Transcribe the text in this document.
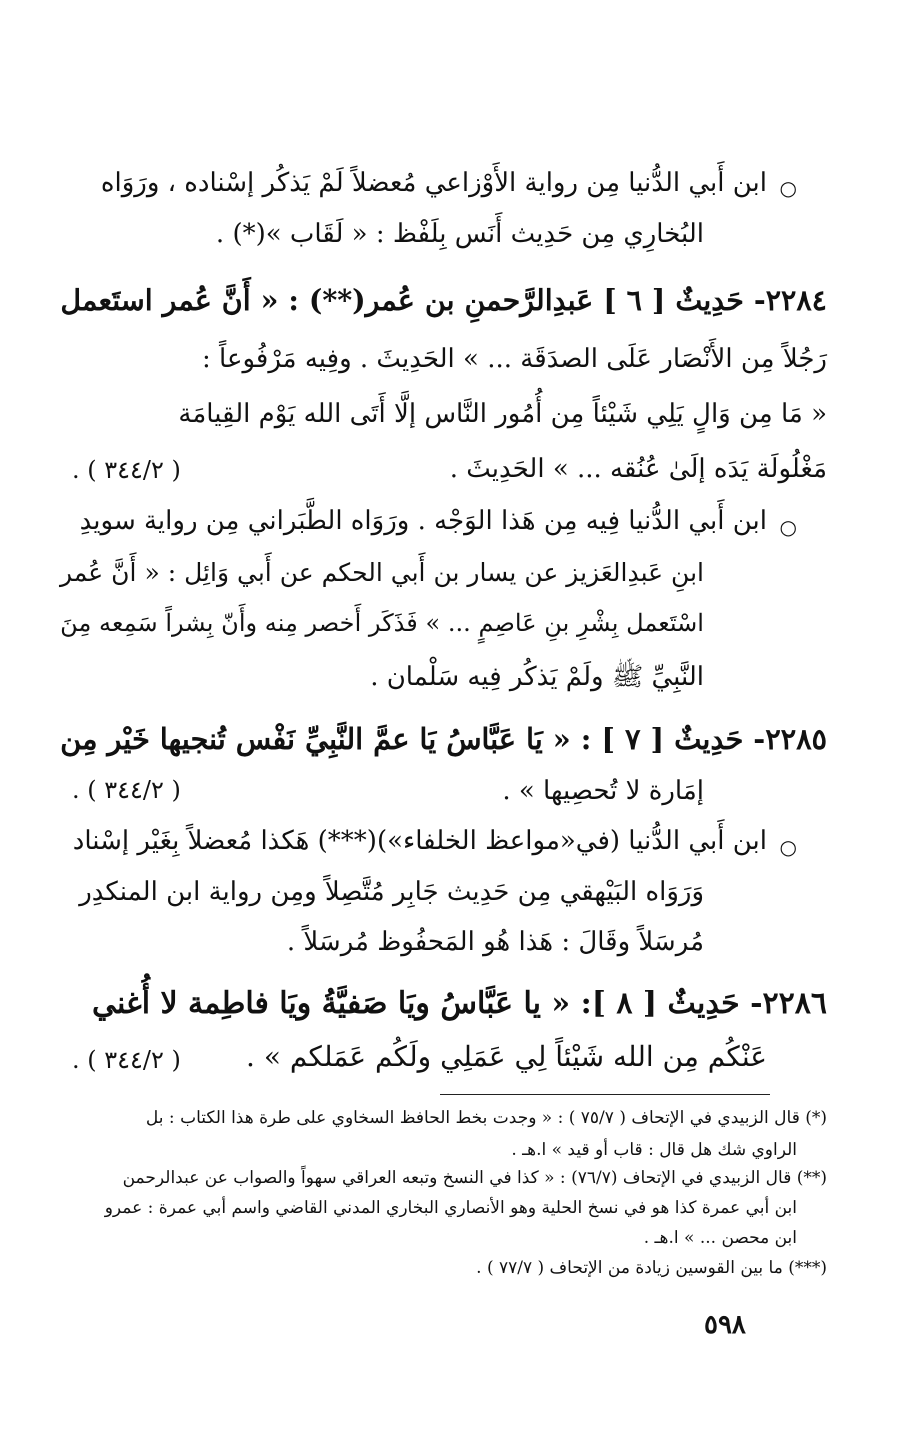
○
ابن أَبي الدُّنيا مِن رواية الأَوْزاعي مُعضلاً لَمْ يَذكُر إسْناده ، ورَوَاه
البُخارِي مِن حَدِيث أَنَس بِلَفْظ : « لَقَاب »(*) .
٢٢٨٤- حَدِيثٌ [ ٦ ] عَبدِالرَّحمنِ بن عُمر(**) : « أَنَّ عُمر استَعمل
رَجُلاً مِن الأَنْصَار عَلَى الصدَقَة ... » الحَدِيثَ . وفِيه مَرْفُوعاً :
« مَا مِن وَالٍ يَلِي شَيْئاً مِن أُمُور النَّاس إلَّا أَتَى الله يَوْم القِيامَة
مَغْلُولَة يَدَه إلَىٰ عُنُقه ... » الحَدِيثَ .
( ٣٤٤/٢ ) .
○
ابن أَبي الدُّنيا فِيه مِن هَذا الوَجْه . ورَوَاه الطَّبَراني مِن رواية سويدِ
ابنِ عَبدِالعَزيز عن يسار بن أَبي الحكم عن أَبي وَائِل : « أَنَّ عُمر
اسْتَعمل بِشْرِ بنِ عَاصِمٍ ... » فَذَكَر أَخصر مِنه وأَنّ بِشراً سَمِعه مِنَ
النَّبِيِّ ﷺ ولَمْ يَذكُر فِيه سَلْمان .
٢٢٨٥- حَدِيثٌ [ ٧ ] : « يَا عَبَّاسُ يَا عمَّ النَّبِيِّ نَفْس تُنجيها خَيْر مِن
إمَارة لا تُحصِيها » .
( ٣٤٤/٢ ) .
○
ابن أَبي الدُّنيا (في«مواعظ الخلفاء»)(***) هَكذا مُعضلاً بِغَيْر إسْناد
وَرَوَاه البَيْهقي مِن حَدِيث جَابِر مُتَّصِلاً ومِن رواية ابن المنكدِر
مُرسَلاً وقَالَ : هَذا هُو المَحفُوظ مُرسَلاً .
٢٢٨٦- حَدِيثٌ [ ٨ ]: « يا عَبَّاسُ ويَا صَفيَّةُ ويَا فاطِمة لا أُغني
عَنْكُم مِن الله شَيْئاً لِي عَمَلِي ولَكُم عَمَلكم » .
( ٣٤٤/٢ ) .
(*) قال الزبيدي في الإتحاف ( ٧٥/٧ ) : « وجدت بخط الحافظ السخاوي على طرة هذا الكتاب : بل
الراوي شك هل قال : قاب أو قيد » ا.هـ .
(**) قال الزبيدي في الإتحاف (٧٦/٧) : « كذا في النسخ وتبعه العراقي سهواً والصواب عن عبدالرحمن
ابن أبي عمرة كذا هو في نسخ الحلية وهو الأنصاري البخاري المدني القاضي واسم أبي عمرة : عمرو
ابن محصن ... » ا.هـ .
(***) ما بين القوسين زيادة من الإتحاف ( ٧٧/٧ ) .
٥٩٨
